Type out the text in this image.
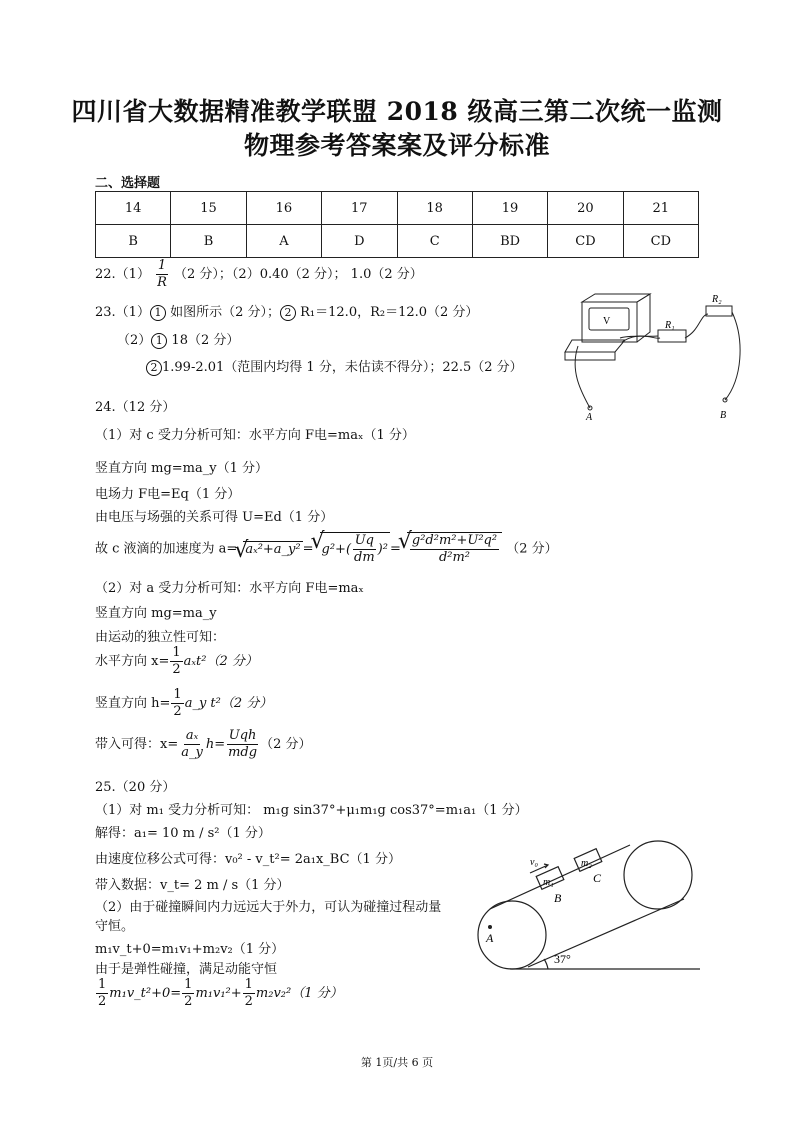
四川省大数据精准教学联盟 2018 级高三第二次统一监测
物理参考答案案及评分标准
二、选择题
14	15	16	17	18	19	20	21
B	B	A	D	C	BD	CD	CD
$22.(1) \frac{1}{R} (2$ 分）；（2）0.40（2 分）； 1.0（2 分）
23.（1） 1 如图所示（2 分）； 2 R₁＝12.0，R₂＝12.0（2 分）
（2） 1 18（2 分）
2 1.99-2.01（范围内均得 1 分，未估读不得分）；22.5（2 分）
V	R₁
R₂
A	B
24.（12 分）
（1）对 c 受力分析可知：水平方向 F电=maₓ（1 分）
竖直方向 mg=ma_y（1 分）
电场力 F电=Eq（1 分）
由电压与场强的关系可得 U=Ed（1 分）
故 c 液滴的加速度为 a= √ aₓ²+a_y² = √ $g^2+( \frac{Uq}{dm} )^2$ = √ $\frac{\text{g²d²m²+U²q²}}{\text{d²m²}} (2$ 分）
（2）对 a 受力分析可知：水平方向 F电=maₓ
竖直方向 mg=ma_y
由运动的独立性可知：
水平方向 $x= \frac{1}{2} a_xt^2(2$ 分）
竖直方向 $h= \frac{1}{2}$ a_y t²（2 分）
带入可得：$x= \frac{\text{aₓ}}{a\_y} h= \frac{\text{Uqh}}{\text{mdg}} (2$ 分）
25.（20 分）
（1）对 m₁ 受力分析可知： m₁g sin37°+μ₁m₁g cos37°=m₁a₁（1 分）
解得：a₁= 10 m / s²（1 分）
由速度位移公式可得：v₀² - v_t²= 2a₁x_BC（1 分）
带入数据：v_t= 2 m / s（1 分）
（2）由于碰撞瞬间内力远远大于外力，可认为碰撞过程动量
守恒。
m₁v_t+0=m₁v₁+m₂v₂（1 分）
由于是弹性碰撞，满足动能守恒
$\frac{1}{2}$ m₁v_t²+0= $\frac{1}{2} m_1v_1^2+ \frac{1}{2} m_2v_2^2(1$ 分）
v₀
m₁
m₂
B
C
A
37°
第 1页/共 6 页
